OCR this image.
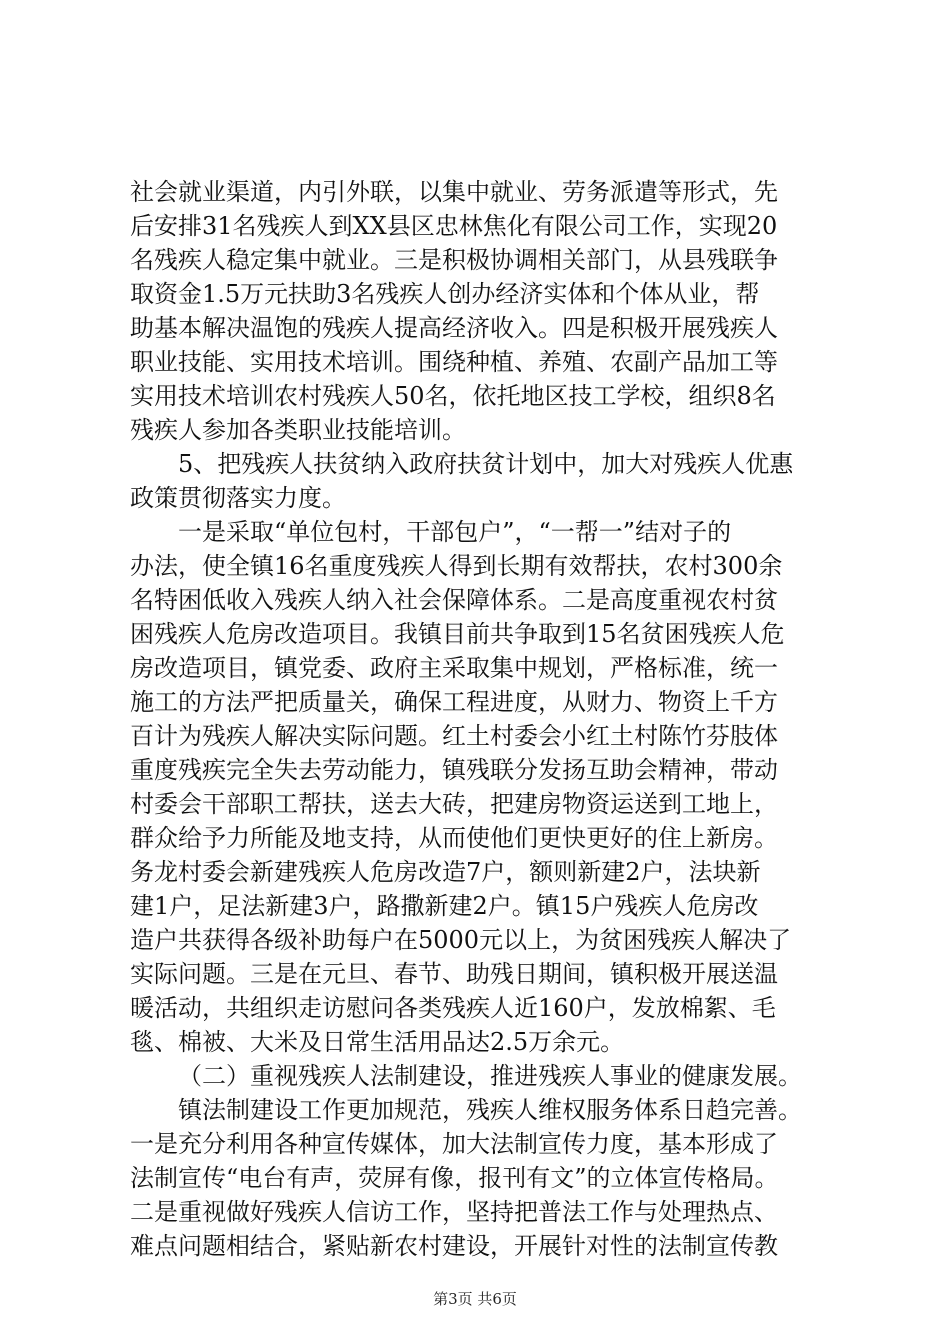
社会就业渠道，内引外联，以集中就业、劳务派遣等形式，先
后安排31名残疾人到XX县区忠林焦化有限公司工作，实现20
名残疾人稳定集中就业。三是积极协调相关部门，从县残联争
取资金1.5万元扶助3名残疾人创办经济实体和个体从业，帮
助基本解决温饱的残疾人提高经济收入。四是积极开展残疾人
职业技能、实用技术培训。围绕种植、养殖、农副产品加工等
实用技术培训农村残疾人50名，依托地区技工学校，组织8名
残疾人参加各类职业技能培训。
5、把残疾人扶贫纳入政府扶贫计划中，加大对残疾人优惠
政策贯彻落实力度。
一是采取“单位包村，干部包户”，“一帮一”结对子的
办法，使全镇16名重度残疾人得到长期有效帮扶，农村300余
名特困低收入残疾人纳入社会保障体系。二是高度重视农村贫
困残疾人危房改造项目。我镇目前共争取到15名贫困残疾人危
房改造项目，镇党委、政府主采取集中规划，严格标准，统一
施工的方法严把质量关，确保工程进度，从财力、物资上千方
百计为残疾人解决实际问题。红土村委会小红土村陈竹芬肢体
重度残疾完全失去劳动能力，镇残联分发扬互助会精神，带动
村委会干部职工帮扶，送去大砖，把建房物资运送到工地上，
群众给予力所能及地支持，从而使他们更快更好的住上新房。
务龙村委会新建残疾人危房改造7户，额则新建2户，法块新
建1户，足法新建3户，路撒新建2户。镇15户残疾人危房改
造户共获得各级补助每户在5000元以上，为贫困残疾人解决了
实际问题。三是在元旦、春节、助残日期间，镇积极开展送温
暖活动，共组织走访慰问各类残疾人近160户，发放棉絮、毛
毯、棉被、大米及日常生活用品达2.5万余元。
（二）重视残疾人法制建设，推进残疾人事业的健康发展。
镇法制建设工作更加规范，残疾人维权服务体系日趋完善。
一是充分利用各种宣传媒体，加大法制宣传力度，基本形成了
法制宣传“电台有声，荧屏有像，报刊有文”的立体宣传格局。
二是重视做好残疾人信访工作，坚持把普法工作与处理热点、
难点问题相结合，紧贴新农村建设，开展针对性的法制宣传教
第3页 共6页
